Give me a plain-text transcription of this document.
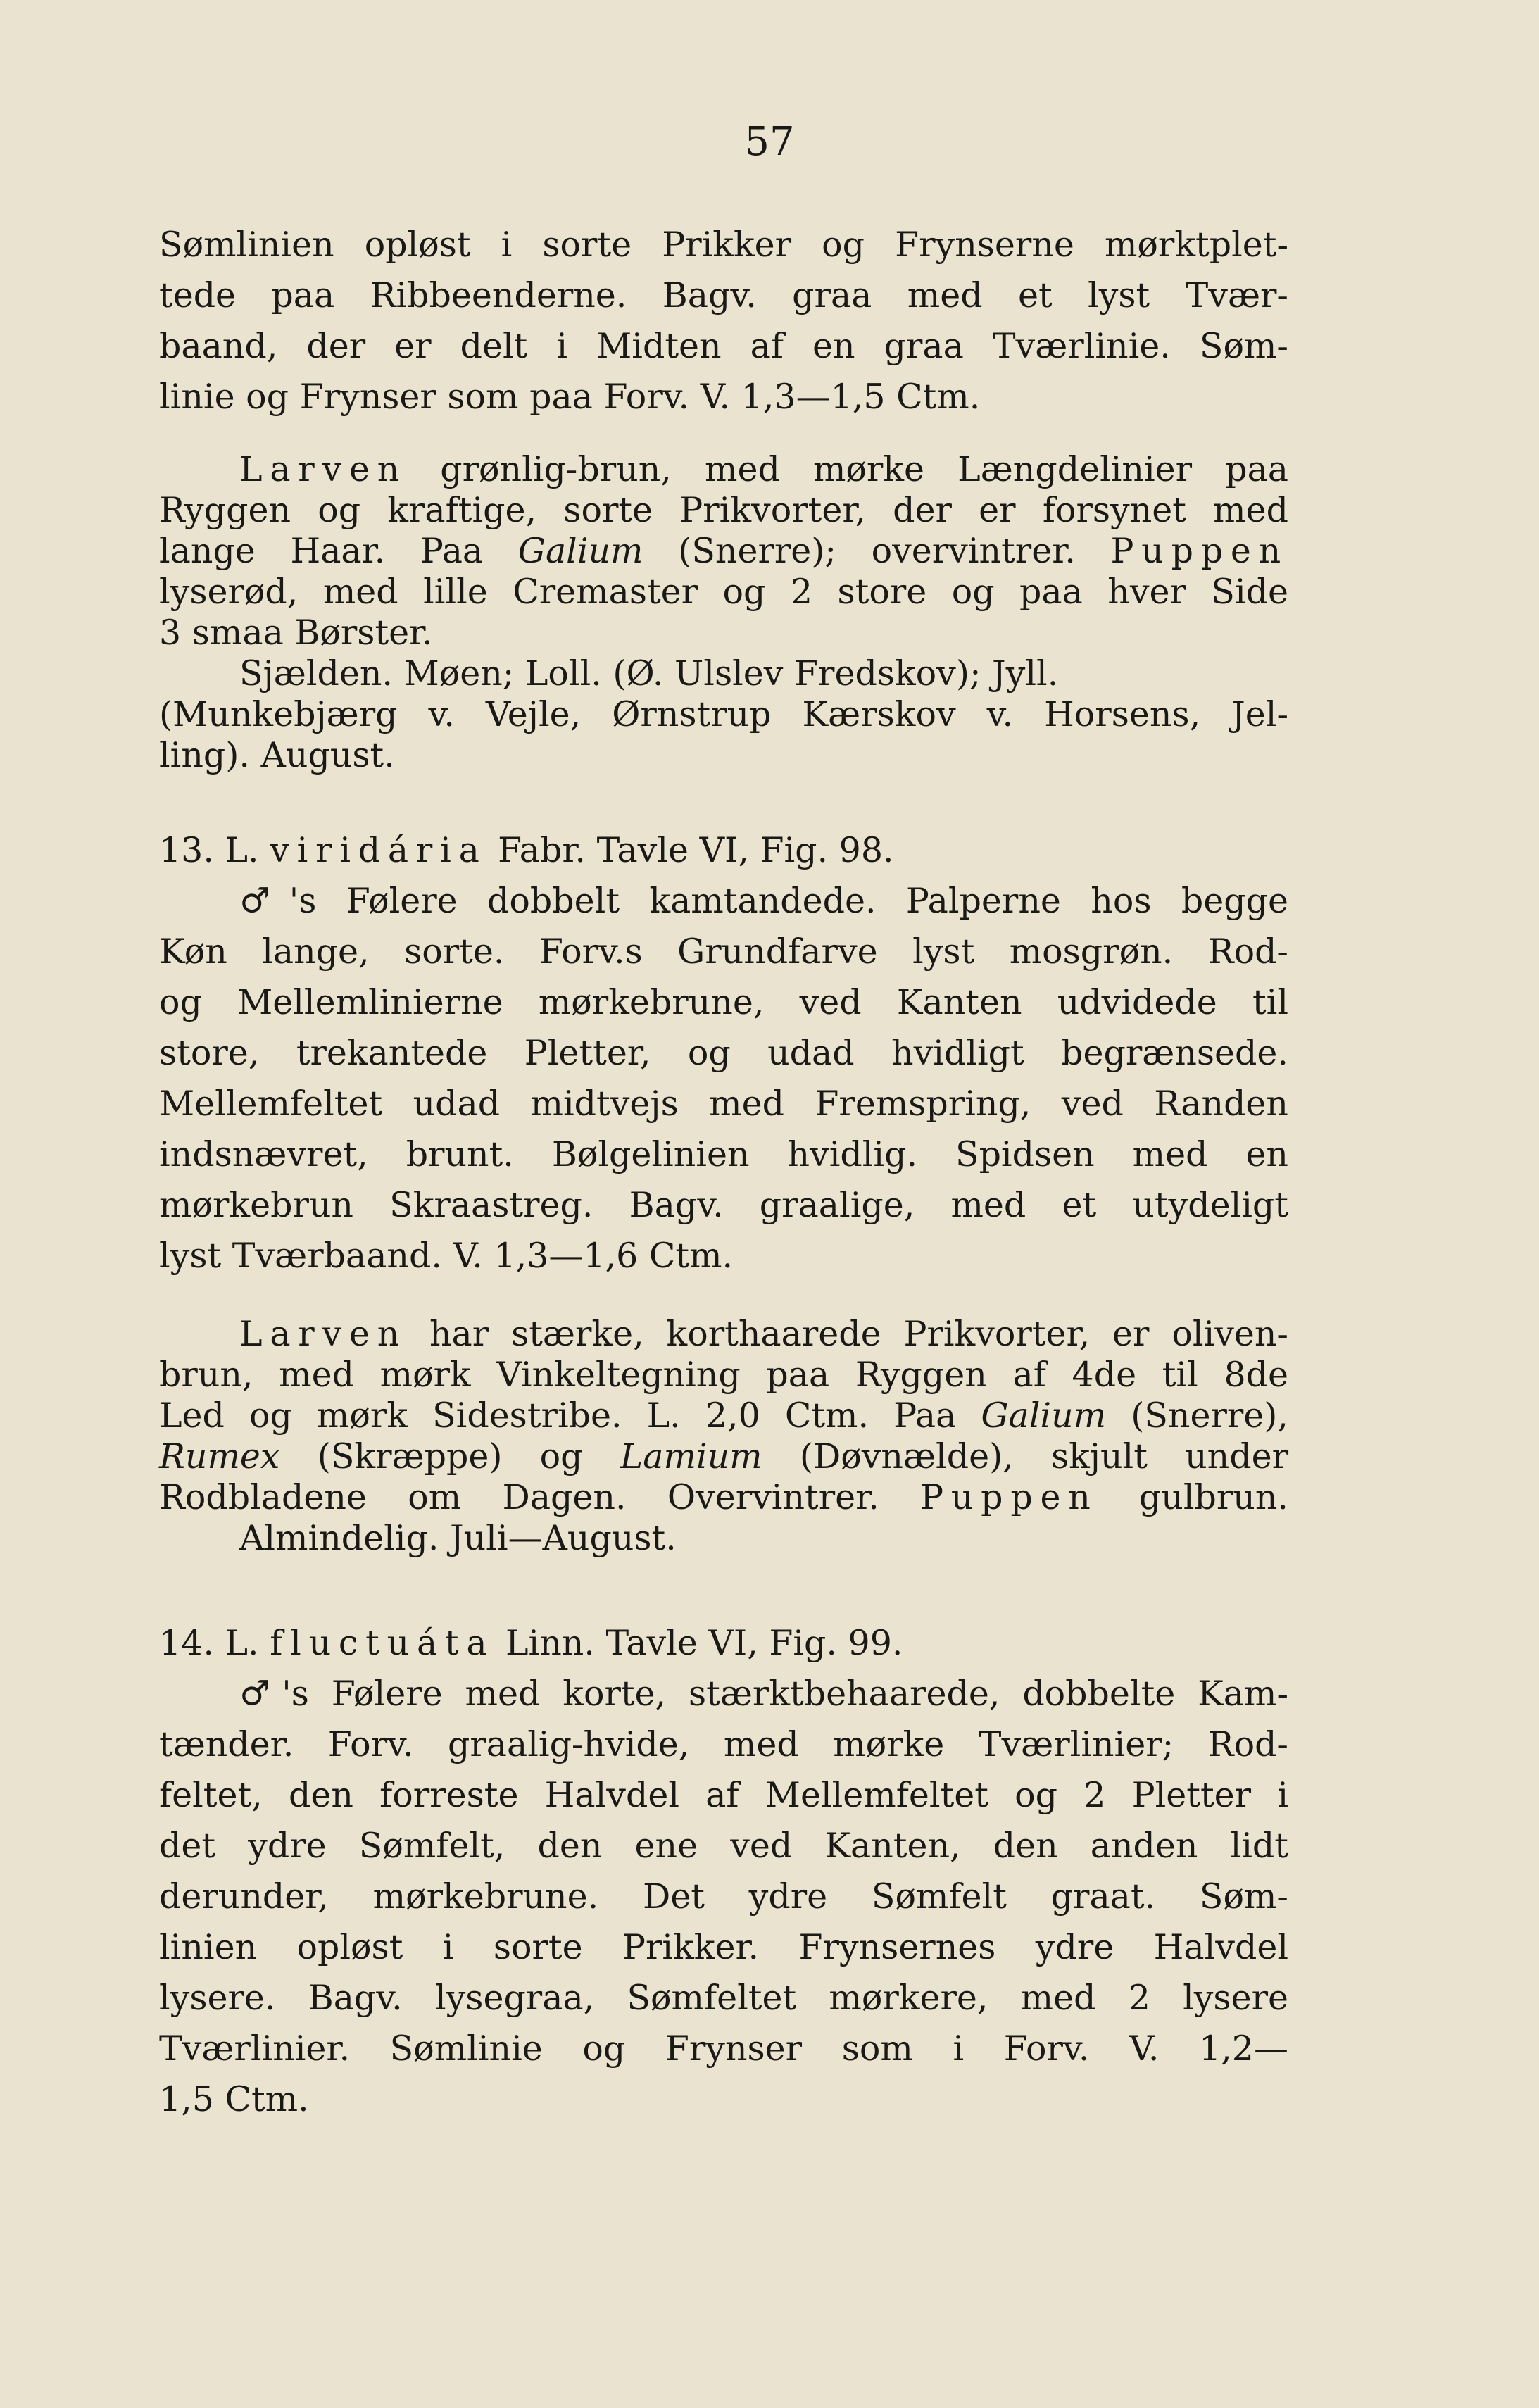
57
Sømlinien opløst i sorte Prikker og Frynserne mørktplet-
tede paa Ribbeenderne. Bagv. graa med et lyst Tvær-
baand, der er delt i Midten af en graa Tværlinie. Søm-
linie og Frynser som paa Forv. V. 1,3—1,5 Ctm.
Larven grønlig-brun, med mørke Længdelinier paa
Ryggen og kraftige, sorte Prikvorter, der er forsynet med
lange Haar. Paa Galium (Snerre); overvintrer. Puppen
lyserød, med lille Cremaster og 2 store og paa hver Side
3 smaa Børster.
Sjælden. Møen; Loll. (Ø. Ulslev Fredskov); Jyll.
(Munkebjærg v. Vejle, Ørnstrup Kærskov v. Horsens, Jel-
ling). August.
13. L. viridária Fabr. Tavle VI, Fig. 98.
♂'s Følere dobbelt kamtandede. Palperne hos begge
Køn lange, sorte. Forv.s Grundfarve lyst mosgrøn. Rod-
og Mellemlinierne mørkebrune, ved Kanten udvidede til
store, trekantede Pletter, og udad hvidligt begrænsede.
Mellemfeltet udad midtvejs med Fremspring, ved Randen
indsnævret, brunt. Bølgelinien hvidlig. Spidsen med en
mørkebrun Skraastreg. Bagv. graalige, med et utydeligt
lyst Tværbaand. V. 1,3—1,6 Ctm.
Larven har stærke, korthaarede Prikvorter, er oliven-
brun, med mørk Vinkeltegning paa Ryggen af 4de til 8de
Led og mørk Sidestribe. L. 2,0 Ctm. Paa Galium (Snerre),
Rumex (Skræppe) og Lamium (Døvnælde), skjult under
Rodbladene om Dagen. Overvintrer. Puppen gulbrun.
Almindelig. Juli—August.
14. L. fluctuáta Linn. Tavle VI, Fig. 99.
♂'s Følere med korte, stærktbehaarede, dobbelte Kam-
tænder. Forv. graalig-hvide, med mørke Tværlinier; Rod-
feltet, den forreste Halvdel af Mellemfeltet og 2 Pletter i
det ydre Sømfelt, den ene ved Kanten, den anden lidt
derunder, mørkebrune. Det ydre Sømfelt graat. Søm-
linien opløst i sorte Prikker. Frynsernes ydre Halvdel
lysere. Bagv. lysegraa, Sømfeltet mørkere, med 2 lysere
Tværlinier. Sømlinie og Frynser som i Forv. V. 1,2—
1,5 Ctm.
